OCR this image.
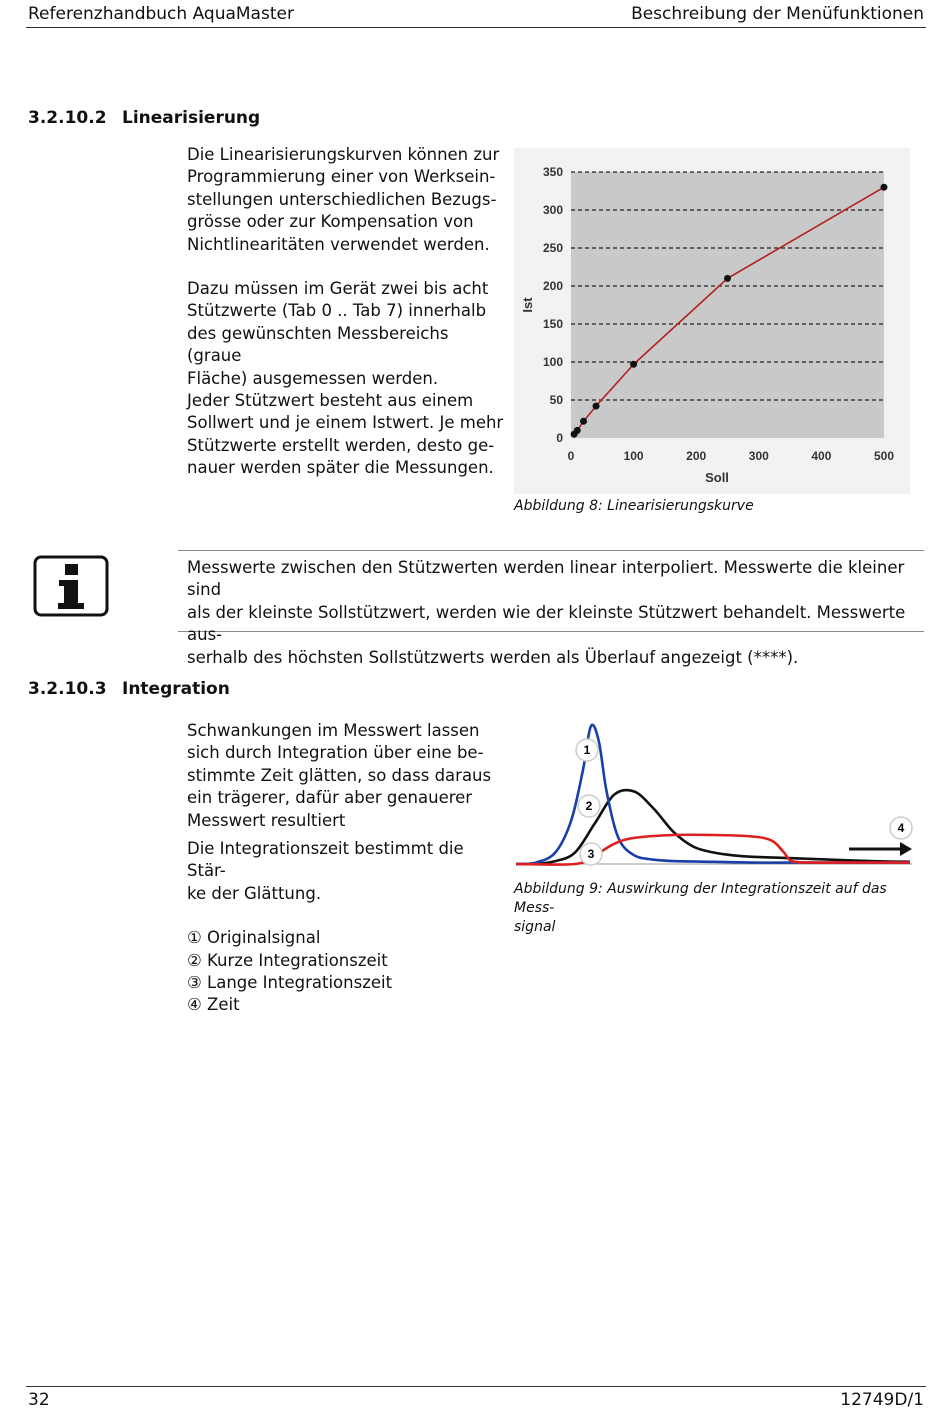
Referenzhandbuch AquaMaster	Beschreibung der Menüfunktionen
3.2.10.2 Linearisierung

Die Linearisierungskurven können zur

Programmierung einer von Werksein-

stellungen unterschiedlichen Bezugs-

grösse oder zur Kompensation von

Nichtlinearitäten verwendet werden.

Dazu müssen im Gerät zwei bis acht

Stützwerte (Tab 0 .. Tab 7) innerhalb

des gewünschten Messbereichs (graue

Fläche) ausgemessen werden.

Jeder Stützwert besteht aus einem

Sollwert und je einem Istwert. Je mehr

Stützwerte erstellt werden, desto ge-

nauer werden später die Messungen.

0
50
100
150
200
250
300
350
0	100	200	300	400	500
Soll
Ist
Abbildung 8: Linearisierungskurve
Messwerte zwischen den Stützwerten werden linear interpoliert. Messwerte die kleiner sind
als der kleinste Sollstützwert, werden wie der kleinste Stützwert behandelt. Messwerte aus-
serhalb des höchsten Sollstützwerts werden als Überlauf angezeigt (****).
3.2.10.3 Integration

Schwankungen im Messwert lassen

sich durch Integration über eine be-

stimmte Zeit glätten, so dass daraus

ein trägerer, dafür aber genauerer

Messwert resultiert

Die Integrationszeit bestimmt die Stär-

ke der Glättung.

① Originalsignal
② Kurze Integrationszeit
③ Lange Integrationszeit
④ Zeit
1
2
3
4
Abbildung 9: Auswirkung der Integrationszeit auf das Mess-
signal
32	12749D/1
